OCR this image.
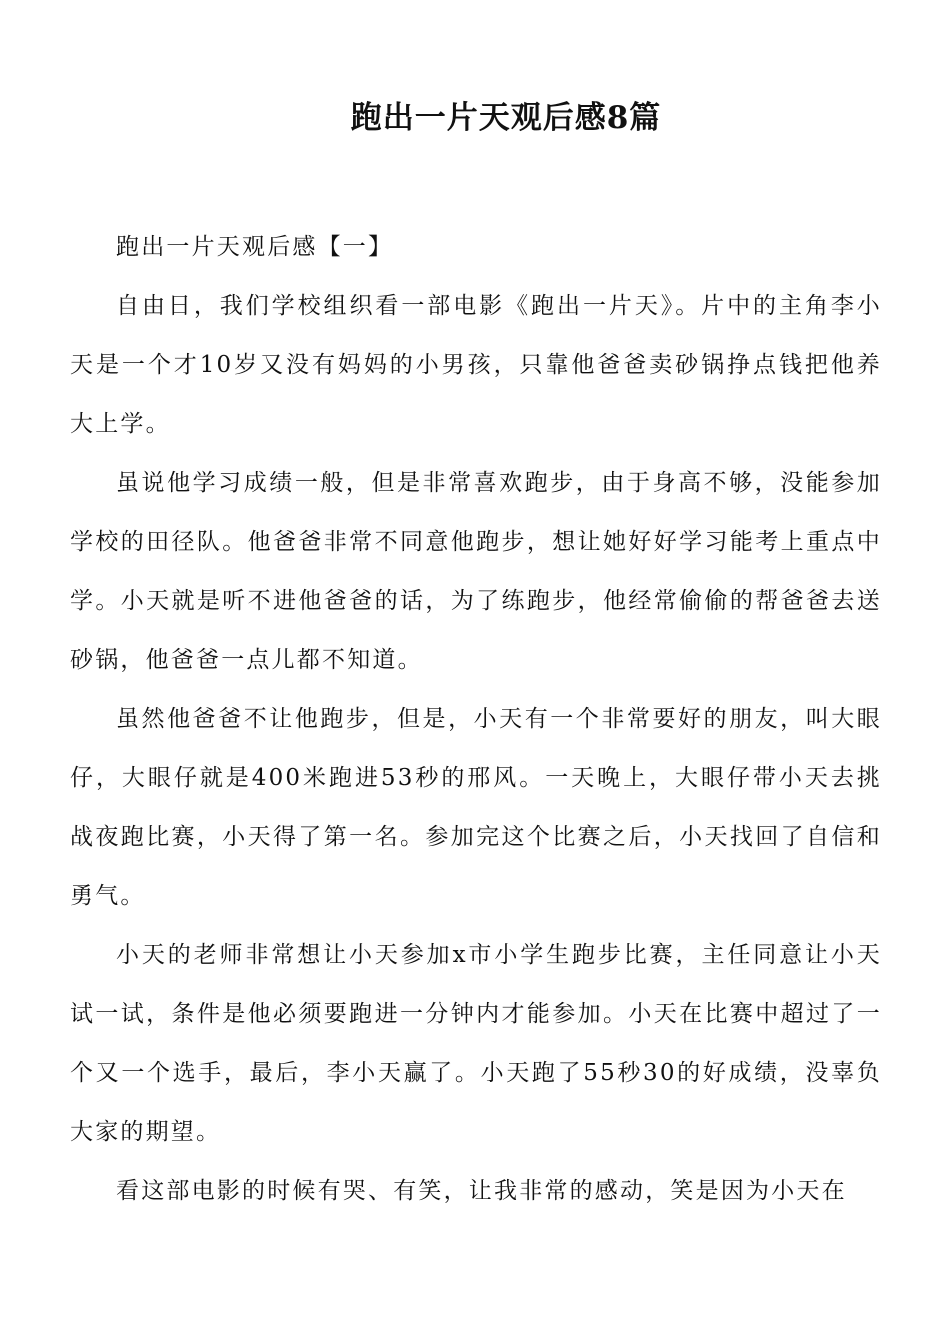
跑出一片天观后感8篇

跑出一片天观后感【一】

自由日，我们学校组织看一部电影《跑出一片天》。片中的主角李小天是一个才10岁又没有妈妈的小男孩，只靠他爸爸卖砂锅挣点钱把他养大上学。

虽说他学习成绩一般，但是非常喜欢跑步，由于身高不够，没能参加学校的田径队。他爸爸非常不同意他跑步，想让她好好学习能考上重点中学。小天就是听不进他爸爸的话，为了练跑步，他经常偷偷的帮爸爸去送砂锅，他爸爸一点儿都不知道。

虽然他爸爸不让他跑步，但是，小天有一个非常要好的朋友，叫大眼仔，大眼仔就是400米跑进53秒的邢风。一天晚上，大眼仔带小天去挑战夜跑比赛，小天得了第一名。参加完这个比赛之后，小天找回了自信和勇气。

小天的老师非常想让小天参加x市小学生跑步比赛，主任同意让小天试一试，条件是他必须要跑进一分钟内才能参加。小天在比赛中超过了一个又一个选手，最后，李小天赢了。小天跑了55秒30的好成绩，没辜负大家的期望。

看这部电影的时候有哭、有笑，让我非常的感动，笑是因为小天在
